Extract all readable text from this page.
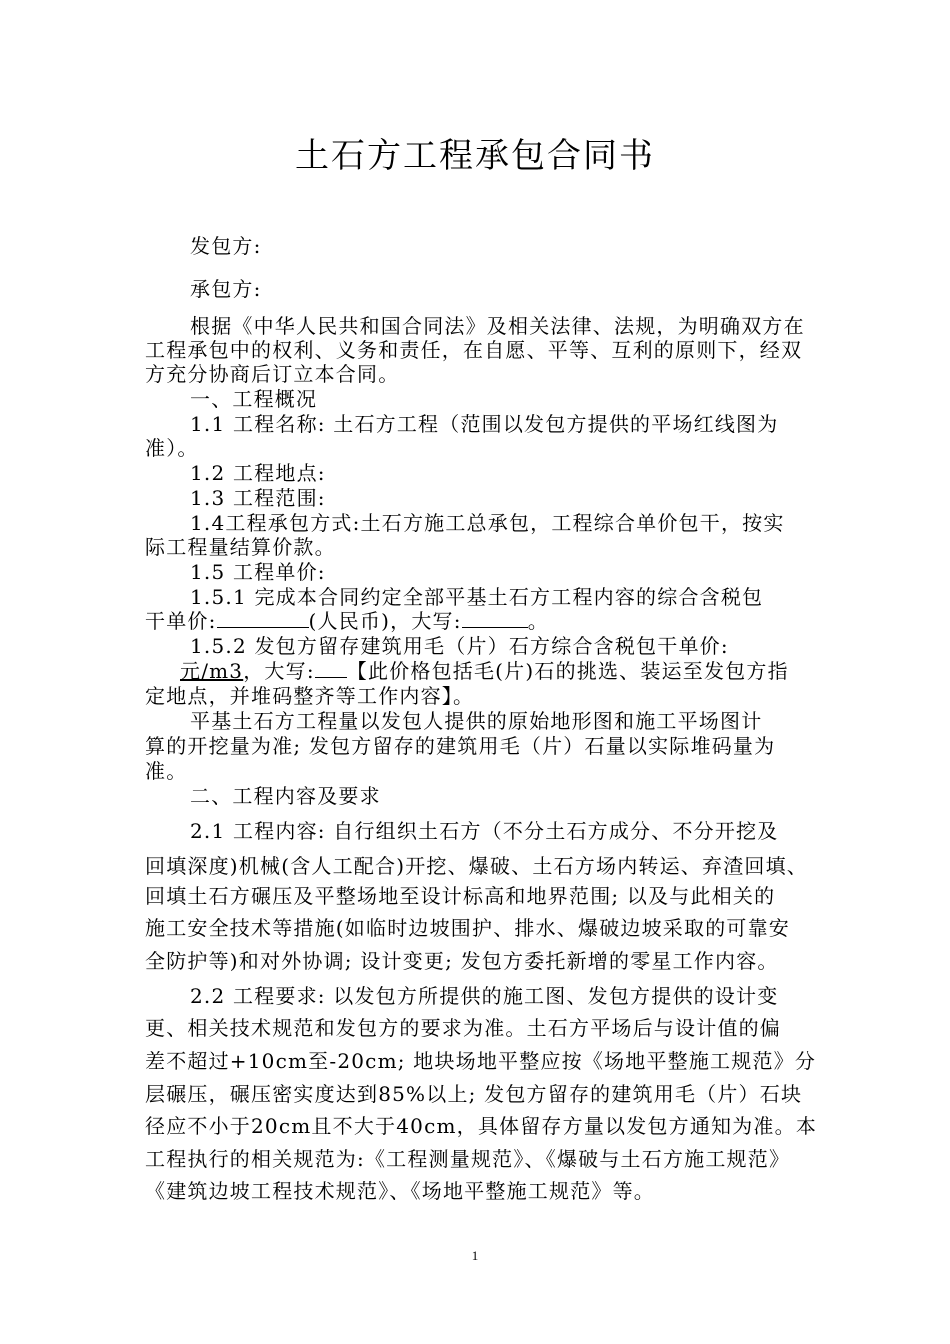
土石方工程承包合同书
发包方:
承包方:
根据《中华人民共和国合同法》及相关法律、法规，为明确双方在
工程承包中的权利、义务和责任，在自愿、平等、互利的原则下，经双
方充分协商后订立本合同。
一、工程概况
1.1 工程名称: 土石方工程（范围以发包方提供的平场红线图为
准）。
1.2 工程地点:
1.3 工程范围:
1.4工程承包方式:土石方施工总承包，工程综合单价包干，按实
际工程量结算价款。
1.5 工程单价:
1.5.1 完成本合同约定全部平基土石方工程内容的综合含税包
干单价:	(人民币)，大写:	。
1.5.2 发包方留存建筑用毛（片）石方综合含税包干单价:
元/m3，大写: 【此价格包括毛(片)石的挑选、装运至发包方指
定地点，并堆码整齐等工作内容】。
平基土石方工程量以发包人提供的原始地形图和施工平场图计
算的开挖量为准; 发包方留存的建筑用毛（片）石量以实际堆码量为
准。
二、工程内容及要求
2.1 工程内容: 自行组织土石方（不分土石方成分、不分开挖及
回填深度)机械(含人工配合)开挖、爆破、土石方场内转运、弃渣回填、
回填土石方碾压及平整场地至设计标高和地界范围; 以及与此相关的
施工安全技术等措施(如临时边坡围护、排水、爆破边坡采取的可靠安
全防护等)和对外协调; 设计变更; 发包方委托新增的零星工作内容。
2.2 工程要求: 以发包方所提供的施工图、发包方提供的设计变
更、相关技术规范和发包方的要求为准。土石方平场后与设计值的偏
差不超过+10cm至-20cm; 地块场地平整应按《场地平整施工规范》分
层碾压，碾压密实度达到85%以上; 发包方留存的建筑用毛（片）石块
径应不小于20cm且不大于40cm，具体留存方量以发包方通知为准。本
工程执行的相关规范为:《工程测量规范》、《爆破与土石方施工规范》
《建筑边坡工程技术规范》、《场地平整施工规范》等。
1
